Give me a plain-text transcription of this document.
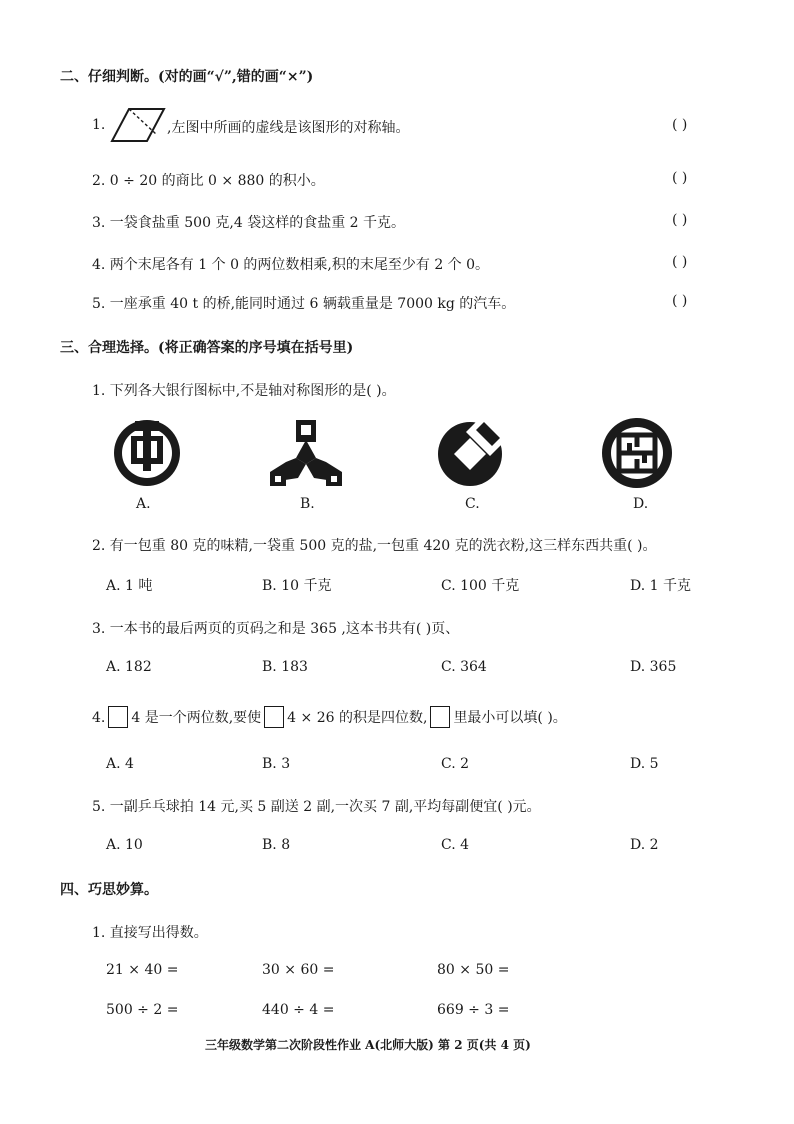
二、仔细判断。(对的画“√”,错的画“×”)
1.	,左图中所画的虚线是该图形的对称轴。	( )
2. 0 ÷ 20 的商比 0 × 880 的积小。	( )
3. 一袋食盐重 500 克,4 袋这样的食盐重 2 千克。	( )
4. 两个末尾各有 1 个 0 的两位数相乘,积的末尾至少有 2 个 0。	( )
5. 一座承重 40 t 的桥,能同时通过 6 辆载重量是 7000 kg 的汽车。	( )
三、合理选择。(将正确答案的序号填在括号里)
1. 下列各大银行图标中,不是轴对称图形的是( )。
A.	B.	C.	D.
2. 有一包重 80 克的味精,一袋重 500 克的盐,一包重 420 克的洗衣粉,这三样东西共重( )。
A. 1 吨	B. 10 千克	C. 100 千克	D. 1 千克
3. 一本书的最后两页的页码之和是 365 ,这本书共有( )页、
A. 182	B. 183	C. 364	D. 365
4. 4 是一个两位数,要使 4 × 26 的积是四位数, 里最小可以填( )。
A. 4	B. 3	C. 2	D. 5
5. 一副乒乓球拍 14 元,买 5 副送 2 副,一次买 7 副,平均每副便宜( )元。
A. 10	B. 8	C. 4	D. 2
四、巧思妙算。
1. 直接写出得数。
21 × 40 =	30 × 60 =	80 × 50 =
500 ÷ 2 =	440 ÷ 4 =	669 ÷ 3 =
三年级数学第二次阶段性作业 A(北师大版) 第 2 页(共 4 页)
